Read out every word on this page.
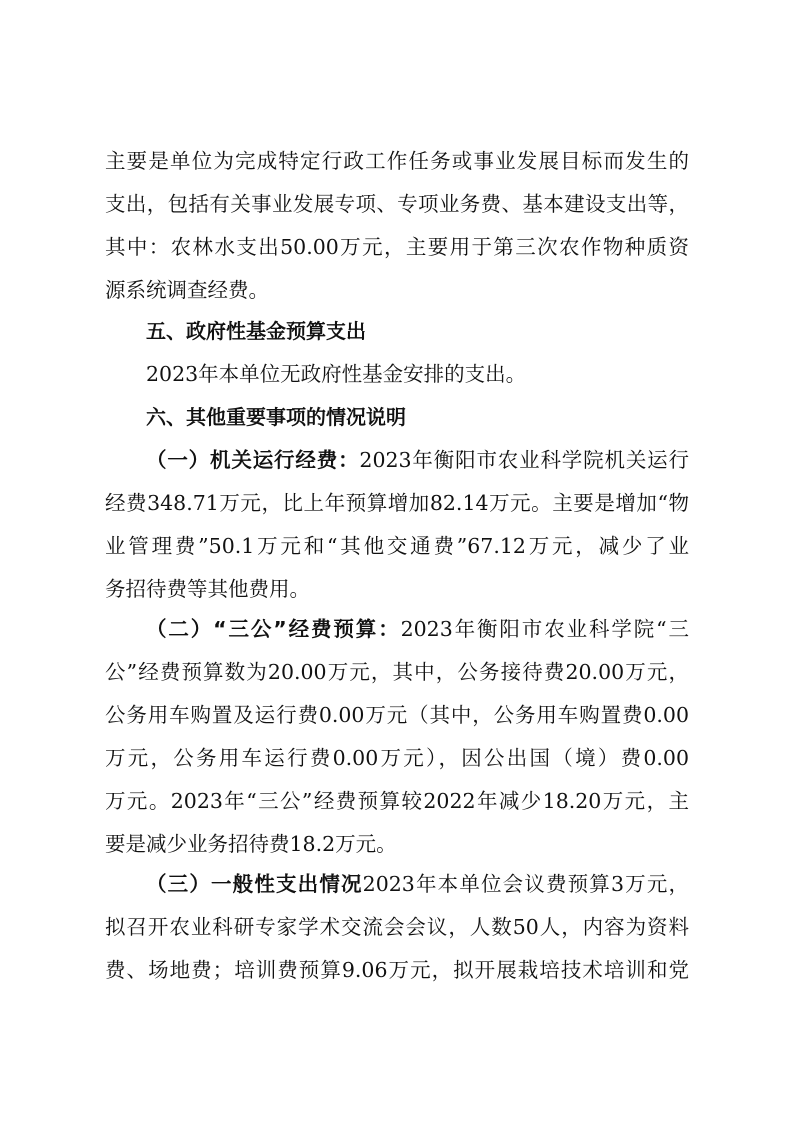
主要是单位为完成特定行政工作任务或事业发展目标而发生的
支出，包括有关事业发展专项、专项业务费、基本建设支出等，
其中：农林水支出50.00万元，主要用于第三次农作物种质资
源系统调查经费。
五、政府性基金预算支出
2023年本单位无政府性基金安排的支出。
六、其他重要事项的情况说明
（一）机关运行经费：2023年衡阳市农业科学院机关运行
经费348.71万元，比上年预算增加82.14万元。主要是增加“物
业管理费”50.1万元和“其他交通费”67.12万元，减少了业
务招待费等其他费用。
（二）“三公”经费预算：2023年衡阳市农业科学院“三
公”经费预算数为20.00万元，其中，公务接待费20.00万元，
公务用车购置及运行费0.00万元（其中，公务用车购置费0.00
万元，公务用车运行费0.00万元），因公出国（境）费0.00
万元。2023年“三公”经费预算较2022年减少18.20万元，主
要是减少业务招待费18.2万元。
（三）一般性支出情况2023年本单位会议费预算3万元，
拟召开农业科研专家学术交流会会议，人数50人，内容为资料
费、场地费；培训费预算9.06万元，拟开展栽培技术培训和党
